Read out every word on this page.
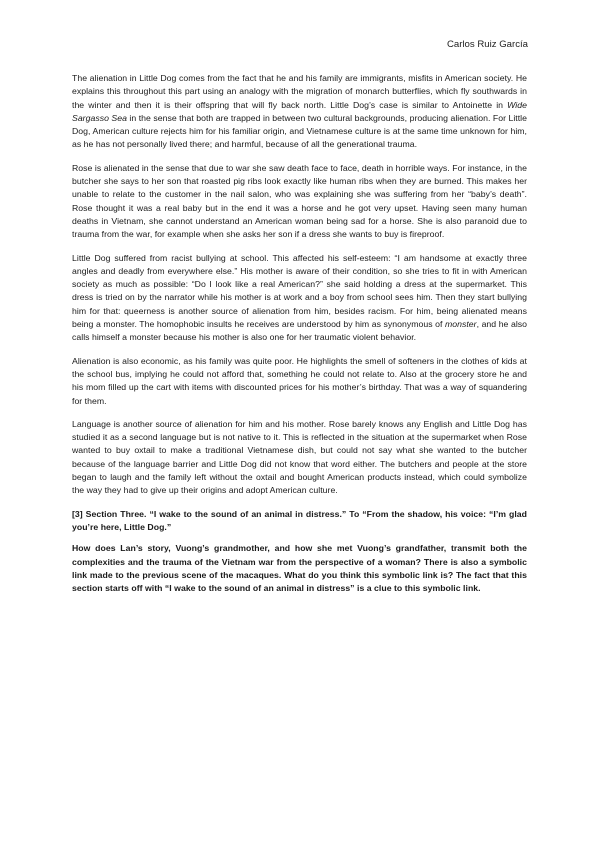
Carlos Ruiz García

The alienation in Little Dog comes from the fact that he and his family are immigrants, misfits in American society. He explains this throughout this part using an analogy with the migration of monarch butterflies, which fly southwards in the winter and then it is their offspring that will fly back north. Little Dog’s case is similar to Antoinette in Wide Sargasso Sea in the sense that both are trapped in between two cultural backgrounds, producing alienation. For Little Dog, American culture rejects him for his familiar origin, and Vietnamese culture is at the same time unknown for him, as he has not personally lived there; and harmful, because of all the generational trauma.

Rose is alienated in the sense that due to war she saw death face to face, death in horrible ways. For instance, in the butcher she says to her son that roasted pig ribs look exactly like human ribs when they are burned. This makes her unable to relate to the customer in the nail salon, who was explaining she was suffering from her “baby’s death”. Rose thought it was a real baby but in the end it was a horse and he got very upset. Having seen many human deaths in Vietnam, she cannot understand an American woman being sad for a horse. She is also paranoid due to trauma from the war, for example when she asks her son if a dress she wants to buy is fireproof.

Little Dog suffered from racist bullying at school. This affected his self-esteem: “I am handsome at exactly three angles and deadly from everywhere else.” His mother is aware of their condition, so she tries to fit in with American society as much as possible: “Do I look like a real American?” she said holding a dress at the supermarket. This dress is tried on by the narrator while his mother is at work and a boy from school sees him. Then they start bullying him for that: queerness is another source of alienation from him, besides racism. For him, being alienated means being a monster. The homophobic insults he receives are understood by him as synonymous of monster, and he also calls himself a monster because his mother is also one for her traumatic violent behavior.

Alienation is also economic, as his family was quite poor. He highlights the smell of softeners in the clothes of kids at the school bus, implying he could not afford that, something he could not relate to. Also at the grocery store he and his mom filled up the cart with items with discounted prices for his mother’s birthday. That was a way of squandering for them.

Language is another source of alienation for him and his mother. Rose barely knows any English and Little Dog has studied it as a second language but is not native to it. This is reflected in the situation at the supermarket when Rose wanted to buy oxtail to make a traditional Vietnamese dish, but could not say what she wanted to the butcher because of the language barrier and Little Dog did not know that word either. The butchers and people at the store began to laugh and the family left without the oxtail and bought American products instead, which could symbolize the way they had to give up their origins and adopt American culture.

[3] Section Three. “I wake to the sound of an animal in distress.” To “From the shadow, his voice: “I’m glad you’re here, Little Dog.”

How does Lan’s story, Vuong’s grandmother, and how she met Vuong’s grandfather, transmit both the complexities and the trauma of the Vietnam war from the perspective of a woman? There is also a symbolic link made to the previous scene of the macaques. What do you think this symbolic link is? The fact that this section starts off with “I wake to the sound of an animal in distress” is a clue to this symbolic link.
